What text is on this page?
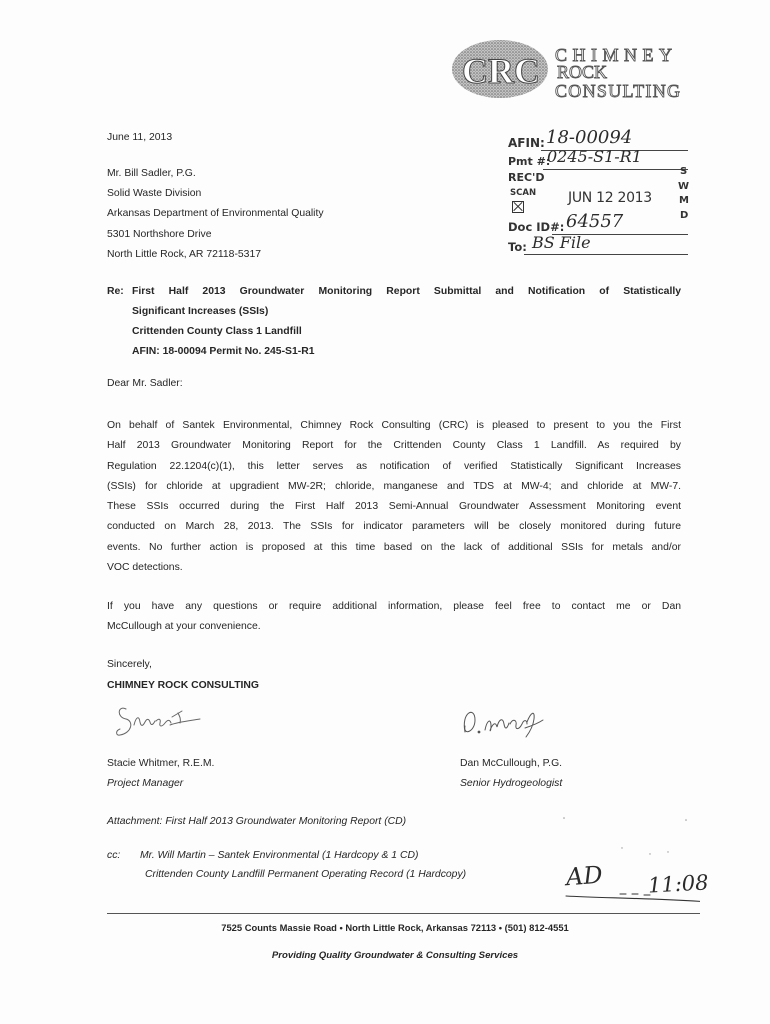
CRC CHIMNEY
ROCK
CONSULTING
June 11, 2013	AFIN: 18-00094
Pmt #:
0245-S1-R1
REC'D
SCAN JUN 12 2013
Doc ID#: 64557
To: BS File
S
W
M
D
Mr. Bill Sadler, P.G.
Solid Waste Division
Arkansas Department of Environmental Quality
5301 Northshore Drive
North Little Rock, AR 72118-5317
Re: First Half 2013 Groundwater Monitoring Report Submittal and Notification of Statistically
Significant Increases (SSIs)
Crittenden County Class 1 Landfill
AFIN: 18-00094 Permit No. 245-S1-R1
Dear Mr. Sadler:
On behalf of Santek Environmental, Chimney Rock Consulting (CRC) is pleased to present to you the First
Half 2013 Groundwater Monitoring Report for the Crittenden County Class 1 Landfill. As required by
Regulation 22.1204(c)(1), this letter serves as notification of verified Statistically Significant Increases
(SSIs) for chloride at upgradient MW-2R; chloride, manganese and TDS at MW-4; and chloride at MW-7.
These SSIs occurred during the First Half 2013 Semi-Annual Groundwater Assessment Monitoring event
conducted on March 28, 2013. The SSIs for indicator parameters will be closely monitored during future
events. No further action is proposed at this time based on the lack of additional SSIs for metals and/or
VOC detections.
If you have any questions or require additional information, please feel free to contact me or Dan
McCullough at your convenience.
Sincerely,
CHIMNEY ROCK CONSULTING
Stacie Whitmer, R.E.M.
Project Manager
Dan McCullough, P.G.
Senior Hydrogeologist
Attachment: First Half 2013 Groundwater Monitoring Report (CD)
cc: Mr. Will Martin – Santek Environmental (1 Hardcopy & 1 CD)
Crittenden County Landfill Permanent Operating Record (1 Hardcopy)	AD 11:08
7525 Counts Massie Road • North Little Rock, Arkansas 72113 • (501) 812-4551
Providing Quality Groundwater & Consulting Services
